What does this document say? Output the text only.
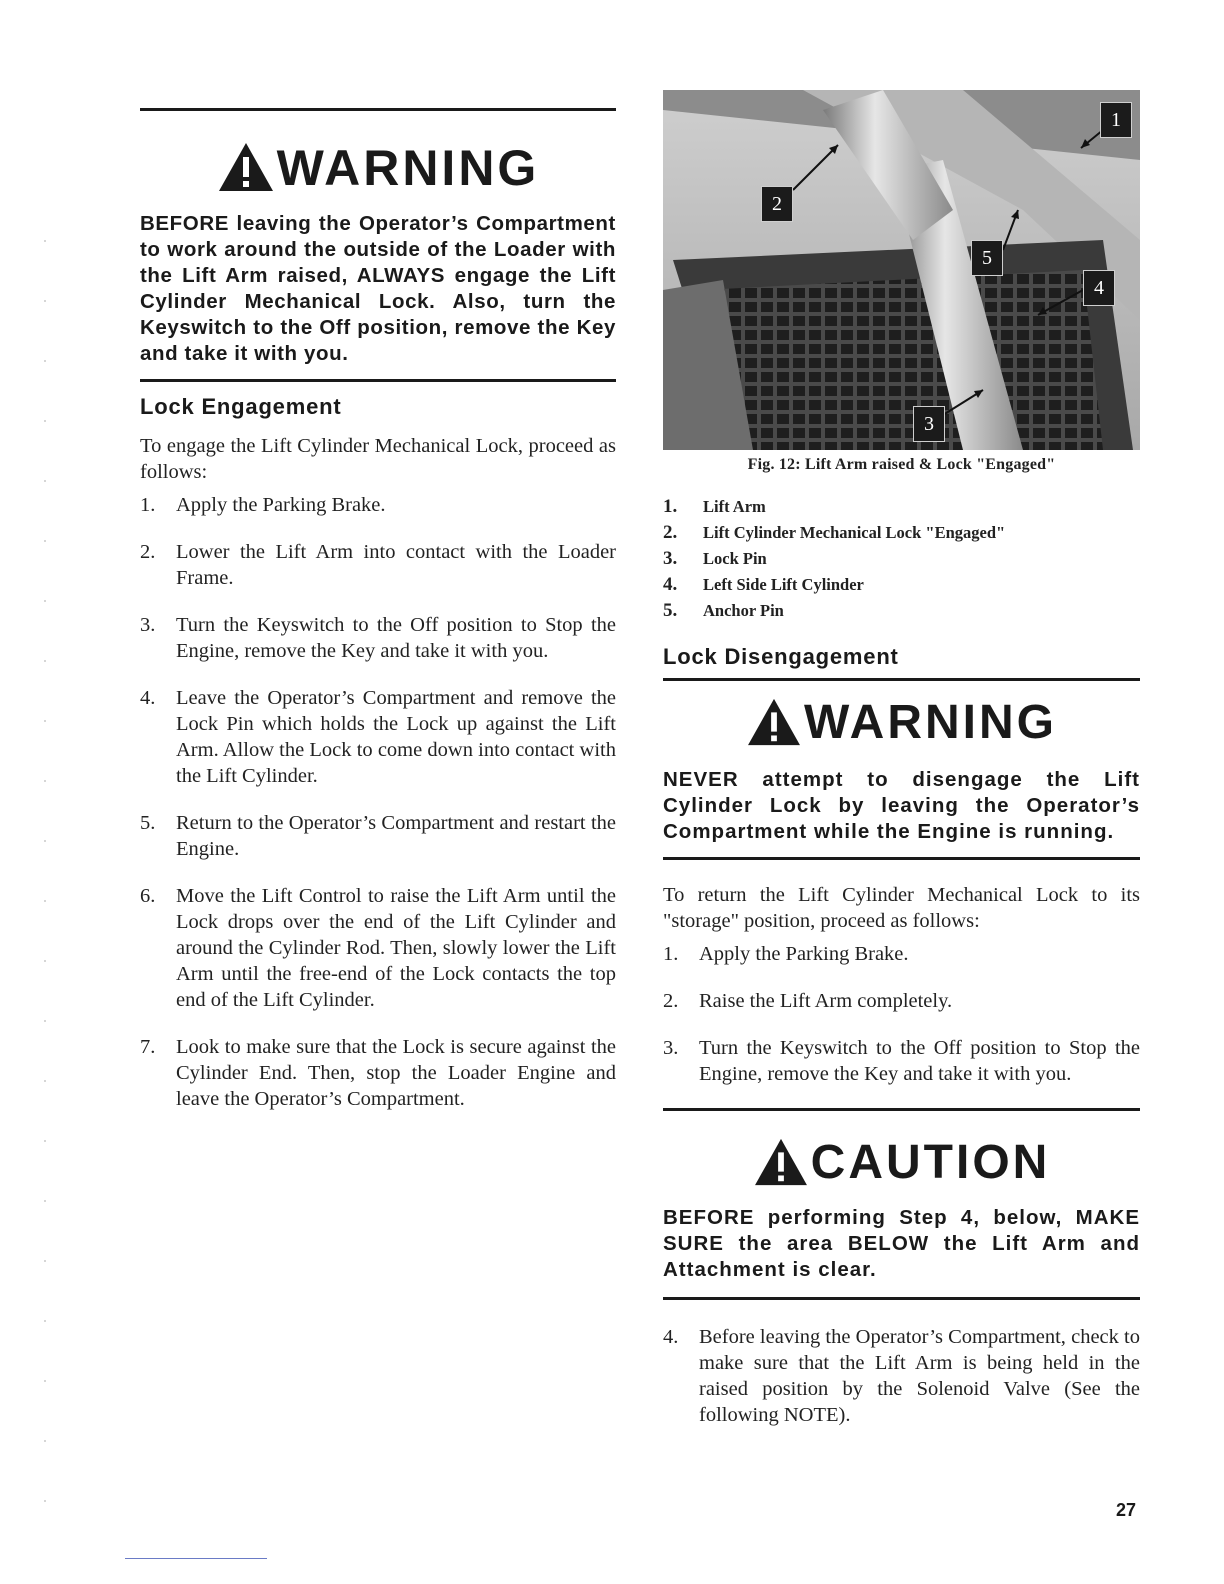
WARNING
BEFORE leaving the Operator’s Compartment to work around the outside of the Loader with the Lift Arm raised, ALWAYS engage the Lift Cylinder Mechanical Lock. Also, turn the Keyswitch to the Off position, remove the Key and take it with you.
Lock Engagement
To engage the Lift Cylinder Mechanical Lock, proceed as follows:
1.	Apply the Parking Brake.
2.	Lower the Lift Arm into contact with the Loader Frame.
3.	Turn the Keyswitch to the Off position to Stop the Engine, remove the Key and take it with you.
4.	Leave the Operator’s Compartment and remove the Lock Pin which holds the Lock up against the Lift Arm. Allow the Lock to come down into contact with the Lift Cylinder.
5.	Return to the Operator’s Compartment and restart the Engine.
6.	Move the Lift Control to raise the Lift Arm until the Lock drops over the end of the Lift Cylinder and around the Cylinder Rod. Then, slowly lower the Lift Arm until the free-end of the Lock contacts the top end of the Lift Cylinder.
7.	Look to make sure that the Lock is secure against the Cylinder End. Then, stop the Loader Engine and leave the Operator’s Compartment.
1
2
5
4
3
Fig. 12: Lift Arm raised & Lock "Engaged"
1.	Lift Arm
2.	Lift Cylinder Mechanical Lock "Engaged"
3.	Lock Pin
4.	Left Side Lift Cylinder
5.	Anchor Pin
Lock Disengagement
WARNING
NEVER attempt to disengage the Lift Cylinder Lock by leaving the Operator’s Compartment while the Engine is running.
To return the Lift Cylinder Mechanical Lock to its "storage" position, proceed as follows:
1.	Apply the Parking Brake.
2.	Raise the Lift Arm completely.
3.	Turn the Keyswitch to the Off position to Stop the Engine, remove the Key and take it with you.
CAUTION
BEFORE performing Step 4, below, MAKE SURE the area BELOW the Lift Arm and Attachment is clear.
4.	Before leaving the Operator’s Compartment, check to make sure that the Lift Arm is being held in the raised position by the Solenoid Valve (See the following NOTE).
27
